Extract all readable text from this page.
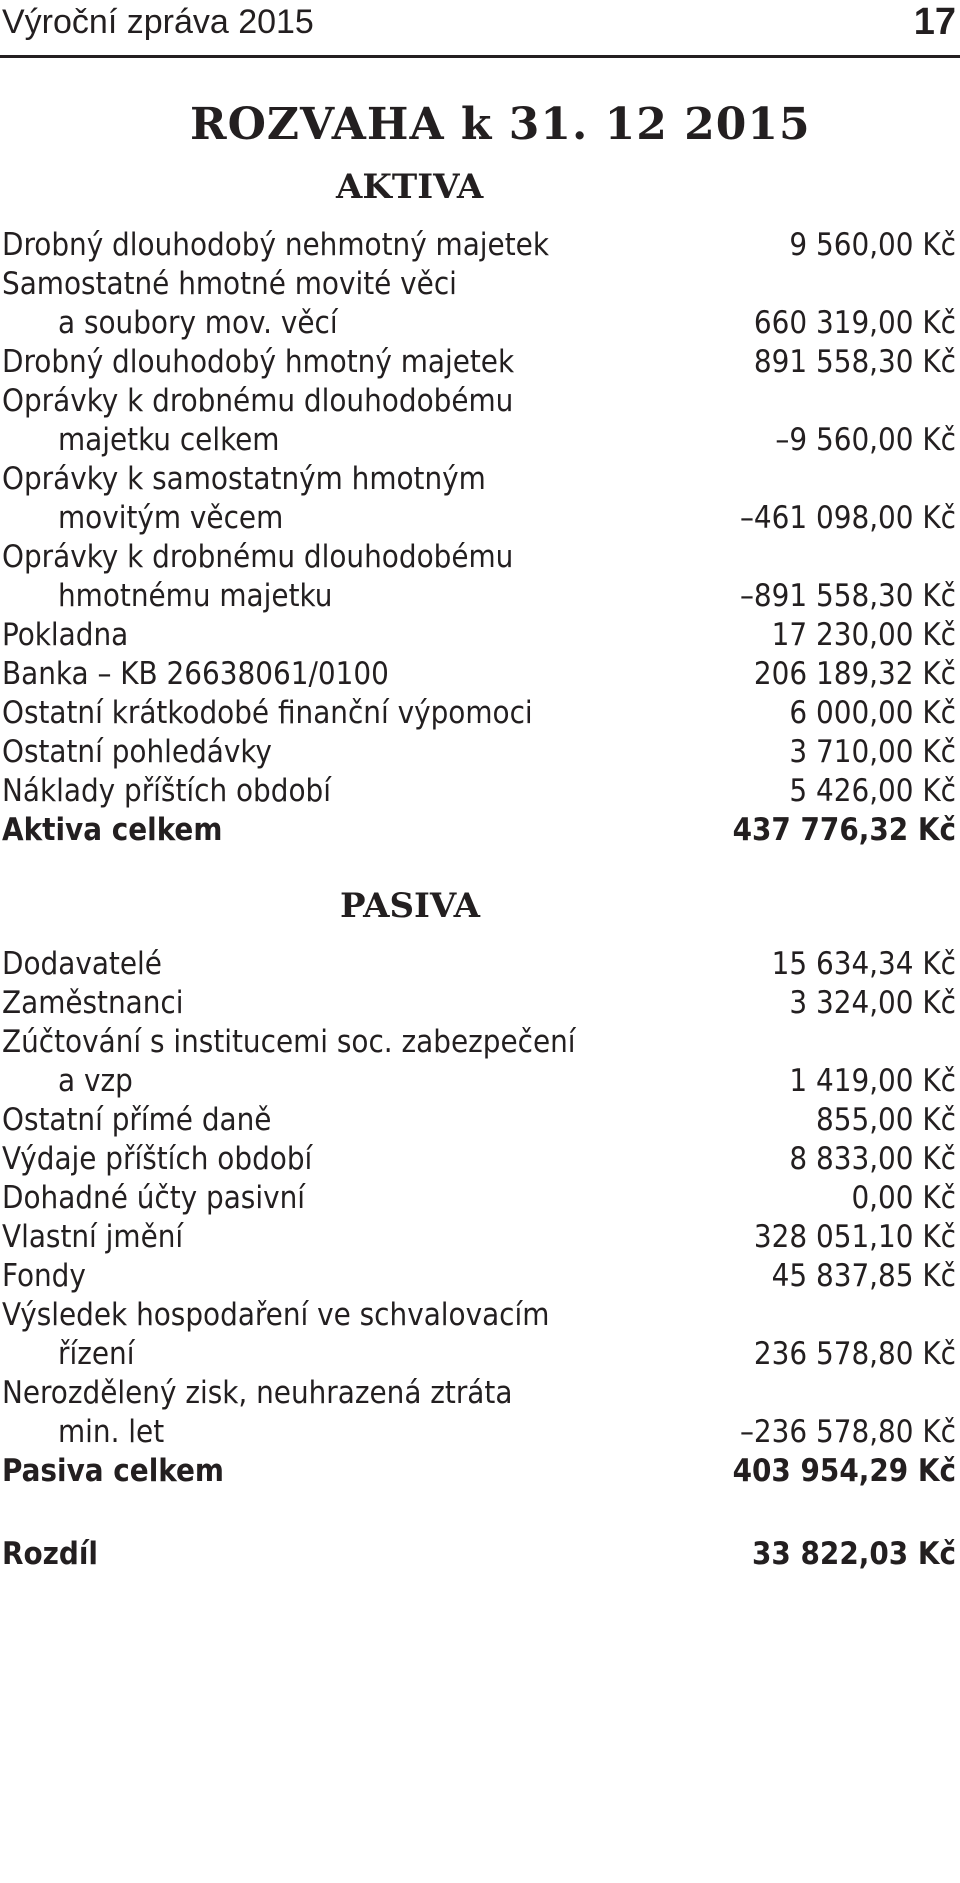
Výroční zpráva 2015	17
ROZVAHA k 31. 12 2015
AKTIVA
Drobný dlouhodobý nehmotný majetek	9 560,00 Kč
Samostatné hmotné movité věci
a soubory mov. věcí	660 319,00 Kč
Drobný dlouhodobý hmotný majetek	891 558,30 Kč
Oprávky k drobnému dlouhodobému
majetku celkem	–9 560,00 Kč
Oprávky k samostatným hmotným
movitým věcem	–461 098,00 Kč
Oprávky k drobnému dlouhodobému
hmotnému majetku	–891 558,30 Kč
Pokladna	17 230,00 Kč
Banka – KB 26638061/0100	206 189,32 Kč
Ostatní krátkodobé finanční výpomoci	6 000,00 Kč
Ostatní pohledávky	3 710,00 Kč
Náklady příštích období	5 426,00 Kč
Aktiva celkem	437 776,32 Kč
PASIVA
Dodavatelé	15 634,34 Kč
Zaměstnanci	3 324,00 Kč
Zúčtování s institucemi soc. zabezpečení
a vzp	1 419,00 Kč
Ostatní přímé daně	855,00 Kč
Výdaje příštích období	8 833,00 Kč
Dohadné účty pasivní	0,00 Kč
Vlastní jmění	328 051,10 Kč
Fondy	45 837,85 Kč
Výsledek hospodaření ve schvalovacím
řízení	236 578,80 Kč
Nerozdělený zisk, neuhrazená ztráta
min. let	–236 578,80 Kč
Pasiva celkem	403 954,29 Kč
Rozdíl	33 822,03 Kč
